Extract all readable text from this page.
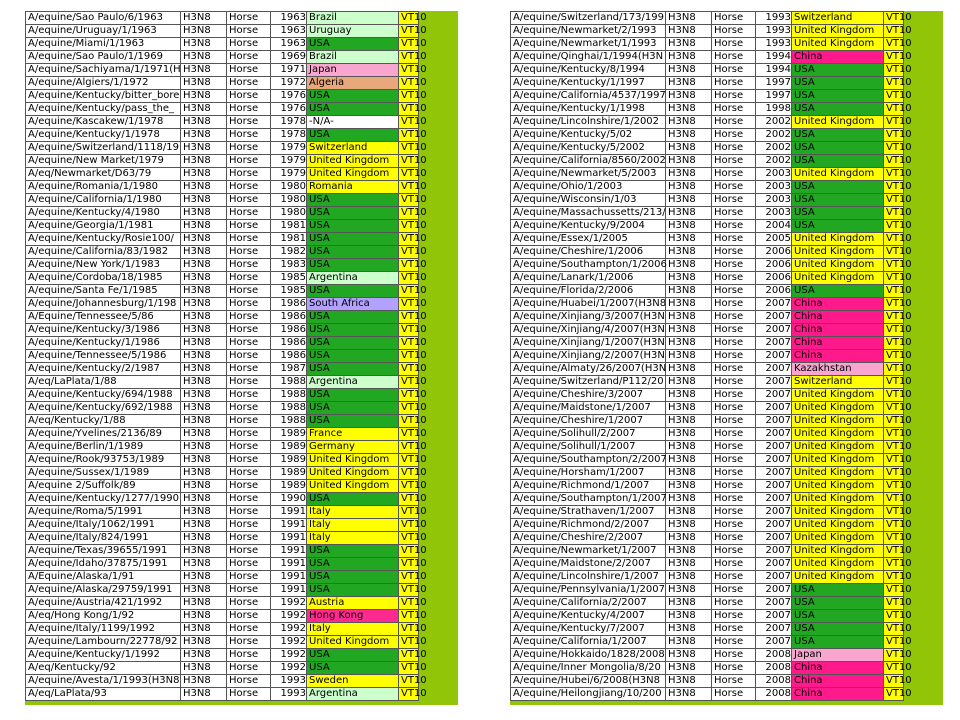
A/equine/Sao Paulo/6/1963	H3N8	Horse	1963	Brazil	VT10
A/equine/Uruguay/1/1963	H3N8	Horse	1963	Uruguay	VT10
A/equine/Miami/1/1963	H3N8	Horse	1963	USA	VT10
A/equine/Sao Paulo/1/1969	H3N8	Horse	1969	Brazil	VT10
A/equine/Sachiyama/1/1971(H	H3N8	Horse	1971	Japan	VT10
A/equine/Algiers/1/1972	H3N8	Horse	1972	Algeria	VT10
A/equine/Kentucky/bitter_bore	H3N8	Horse	1976	USA	VT10
A/equine/Kentucky/pass_the_	H3N8	Horse	1976	USA	VT10
A/equine/Kascakew/1/1978	H3N8	Horse	1978	-N/A-	VT10
A/equine/Kentucky/1/1978	H3N8	Horse	1978	USA	VT10
A/equine/Switzerland/1118/19	H3N8	Horse	1979	Switzerland	VT10
A/equine/New Market/1979	H3N8	Horse	1979	United Kingdom	VT10
A/eq/Newmarket/D63/79	H3N8	Horse	1979	United Kingdom	VT10
A/equine/Romania/1/1980	H3N8	Horse	1980	Romania	VT10
A/equine/California/1/1980	H3N8	Horse	1980	USA	VT10
A/equine/Kentucky/4/1980	H3N8	Horse	1980	USA	VT10
A/equine/Georgia/1/1981	H3N8	Horse	1981	USA	VT10
A/equine/Kentucky/Rosie100/	H3N8	Horse	1981	USA	VT10
A/equine/California/83/1982	H3N8	Horse	1982	USA	VT10
A/equine/New York/1/1983	H3N8	Horse	1983	USA	VT10
A/equine/Cordoba/18/1985	H3N8	Horse	1985	Argentina	VT10
A/equine/Santa Fe/1/1985	H3N8	Horse	1985	USA	VT10
A/equine/Johannesburg/1/198	H3N8	Horse	1986	South Africa	VT10
A/Equine/Tennessee/5/86	H3N8	Horse	1986	USA	VT10
A/equine/Kentucky/3/1986	H3N8	Horse	1986	USA	VT10
A/equine/Kentucky/1/1986	H3N8	Horse	1986	USA	VT10
A/equine/Tennessee/5/1986	H3N8	Horse	1986	USA	VT10
A/equine/Kentucky/2/1987	H3N8	Horse	1987	USA	VT10
A/eq/LaPlata/1/88	H3N8	Horse	1988	Argentina	VT10
A/equine/Kentucky/694/1988	H3N8	Horse	1988	USA	VT10
A/equine/Kentucky/692/1988	H3N8	Horse	1988	USA	VT10
A/eq/Kentucky/1/88	H3N8	Horse	1988	USA	VT10
A/equine/Yvelines/2136/89	H3N8	Horse	1989	France	VT10
A/equine/Berlin/1/1989	H3N8	Horse	1989	Germany	VT10
A/equine/Rook/93753/1989	H3N8	Horse	1989	United Kingdom	VT10
A/equine/Sussex/1/1989	H3N8	Horse	1989	United Kingdom	VT10
A/equine 2/Suffolk/89	H3N8	Horse	1989	United Kingdom	VT10
A/equine/Kentucky/1277/1990	H3N8	Horse	1990	USA	VT10
A/equine/Roma/5/1991	H3N8	Horse	1991	Italy	VT10
A/equine/Italy/1062/1991	H3N8	Horse	1991	Italy	VT10
A/equine/Italy/824/1991	H3N8	Horse	1991	Italy	VT10
A/equine/Texas/39655/1991	H3N8	Horse	1991	USA	VT10
A/equine/Idaho/37875/1991	H3N8	Horse	1991	USA	VT10
A/Equine/Alaska/1/91	H3N8	Horse	1991	USA	VT10
A/equine/Alaska/29759/1991	H3N8	Horse	1991	USA	VT10
A/equine/Austria/421/1992	H3N8	Horse	1992	Austria	VT10
A/eq/Hong Kong/1/92	H3N8	Horse	1992	Hong Kong	VT10
A/equine/Italy/1199/1992	H3N8	Horse	1992	Italy	VT10
A/equine/Lambourn/22778/92	H3N8	Horse	1992	United Kingdom	VT10
A/equine/Kentucky/1/1992	H3N8	Horse	1992	USA	VT10
A/eq/Kentucky/92	H3N8	Horse	1992	USA	VT10
A/equine/Avesta/1/1993(H3N8	H3N8	Horse	1993	Sweden	VT10
A/eq/LaPlata/93	H3N8	Horse	1993	Argentina	VT10
A/equine/Switzerland/173/199	H3N8	Horse	1993	Switzerland	VT10
A/equine/Newmarket/2/1993	H3N8	Horse	1993	United Kingdom	VT10
A/equine/Newmarket/1/1993	H3N8	Horse	1993	United Kingdom	VT10
A/equine/Qinghai/1/1994(H3N	H3N8	Horse	1994	China	VT10
A/equine/Kentucky/8/1994	H3N8	Horse	1994	USA	VT10
A/equine/Kentucky/1/1997	H3N8	Horse	1997	USA	VT10
A/equine/California/4537/1997	H3N8	Horse	1997	USA	VT10
A/equine/Kentucky/1/1998	H3N8	Horse	1998	USA	VT10
A/equine/Lincolnshire/1/2002	H3N8	Horse	2002	United Kingdom	VT10
A/equine/Kentucky/5/02	H3N8	Horse	2002	USA	VT10
A/equine/Kentucky/5/2002	H3N8	Horse	2002	USA	VT10
A/equine/California/8560/2002	H3N8	Horse	2002	USA	VT10
A/equine/Newmarket/5/2003	H3N8	Horse	2003	United Kingdom	VT10
A/equine/Ohio/1/2003	H3N8	Horse	2003	USA	VT10
A/equine/Wisconsin/1/03	H3N8	Horse	2003	USA	VT10
A/equine/Massachussetts/213/	H3N8	Horse	2003	USA	VT10
A/equine/Kentucky/9/2004	H3N8	Horse	2004	USA	VT10
A/equine/Essex/1/2005	H3N8	Horse	2005	United Kingdom	VT10
A/equine/Cheshire/1/2006	H3N8	Horse	2006	United Kingdom	VT10
A/equine/Southampton/1/2006	H3N8	Horse	2006	United Kingdom	VT10
A/equine/Lanark/1/2006	H3N8	Horse	2006	United Kingdom	VT10
A/equine/Florida/2/2006	H3N8	Horse	2006	USA	VT10
A/equine/Huabei/1/2007(H3N8	H3N8	Horse	2007	China	VT10
A/equine/Xinjiang/3/2007(H3N	H3N8	Horse	2007	China	VT10
A/equine/Xinjiang/4/2007(H3N	H3N8	Horse	2007	China	VT10
A/equine/Xinjiang/1/2007(H3N	H3N8	Horse	2007	China	VT10
A/equine/Xinjiang/2/2007(H3N	H3N8	Horse	2007	China	VT10
A/equine/Almaty/26/2007(H3N	H3N8	Horse	2007	Kazakhstan	VT10
A/equine/Switzerland/P112/20	H3N8	Horse	2007	Switzerland	VT10
A/equine/Cheshire/3/2007	H3N8	Horse	2007	United Kingdom	VT10
A/equine/Maidstone/1/2007	H3N8	Horse	2007	United Kingdom	VT10
A/equine/Cheshire/1/2007	H3N8	Horse	2007	United Kingdom	VT10
A/equine/Solihull/2/2007	H3N8	Horse	2007	United Kingdom	VT10
A/equine/Solihull/1/2007	H3N8	Horse	2007	United Kingdom	VT10
A/equine/Southampton/2/2007	H3N8	Horse	2007	United Kingdom	VT10
A/equine/Horsham/1/2007	H3N8	Horse	2007	United Kingdom	VT10
A/equine/Richmond/1/2007	H3N8	Horse	2007	United Kingdom	VT10
A/equine/Southampton/1/2007	H3N8	Horse	2007	United Kingdom	VT10
A/equine/Strathaven/1/2007	H3N8	Horse	2007	United Kingdom	VT10
A/equine/Richmond/2/2007	H3N8	Horse	2007	United Kingdom	VT10
A/equine/Cheshire/2/2007	H3N8	Horse	2007	United Kingdom	VT10
A/equine/Newmarket/1/2007	H3N8	Horse	2007	United Kingdom	VT10
A/equine/Maidstone/2/2007	H3N8	Horse	2007	United Kingdom	VT10
A/equine/Lincolnshire/1/2007	H3N8	Horse	2007	United Kingdom	VT10
A/equine/Pennsylvania/1/2007	H3N8	Horse	2007	USA	VT10
A/equine/California/2/2007	H3N8	Horse	2007	USA	VT10
A/equine/Kentucky/4/2007	H3N8	Horse	2007	USA	VT10
A/equine/Kentucky/7/2007	H3N8	Horse	2007	USA	VT10
A/equine/California/1/2007	H3N8	Horse	2007	USA	VT10
A/equine/Hokkaido/1828/2008	H3N8	Horse	2008	Japan	VT10
A/equine/Inner Mongolia/8/20	H3N8	Horse	2008	China	VT10
A/equine/Hubei/6/2008(H3N8	H3N8	Horse	2008	China	VT10
A/equine/Heilongjiang/10/200	H3N8	Horse	2008	China	VT10
